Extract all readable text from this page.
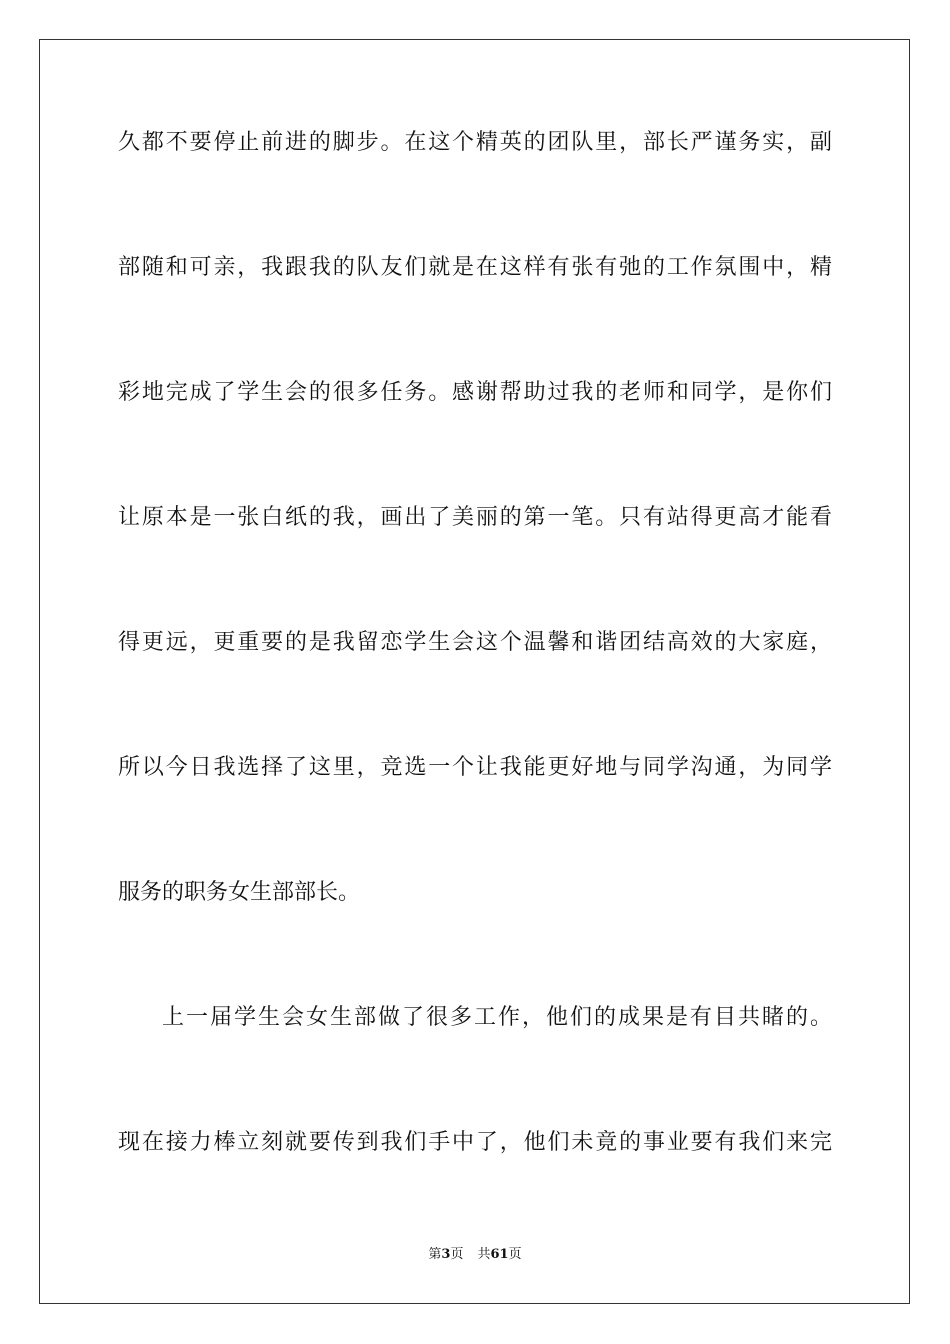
久都不要停止前进的脚步。在这个精英的团队里，部长严谨务实，副
部随和可亲，我跟我的队友们就是在这样有张有弛的工作氛围中，精
彩地完成了学生会的很多任务。感谢帮助过我的老师和同学，是你们
让原本是一张白纸的我，画出了美丽的第一笔。只有站得更高才能看
得更远，更重要的是我留恋学生会这个温馨和谐团结高效的大家庭，
所以今日我选择了这里，竞选一个让我能更好地与同学沟通，为同学
服务的职务女生部部长。
上一届学生会女生部做了很多工作，他们的成果是有目共睹的。
现在接力棒立刻就要传到我们手中了，他们未竟的事业要有我们来完
第3页 共61页
